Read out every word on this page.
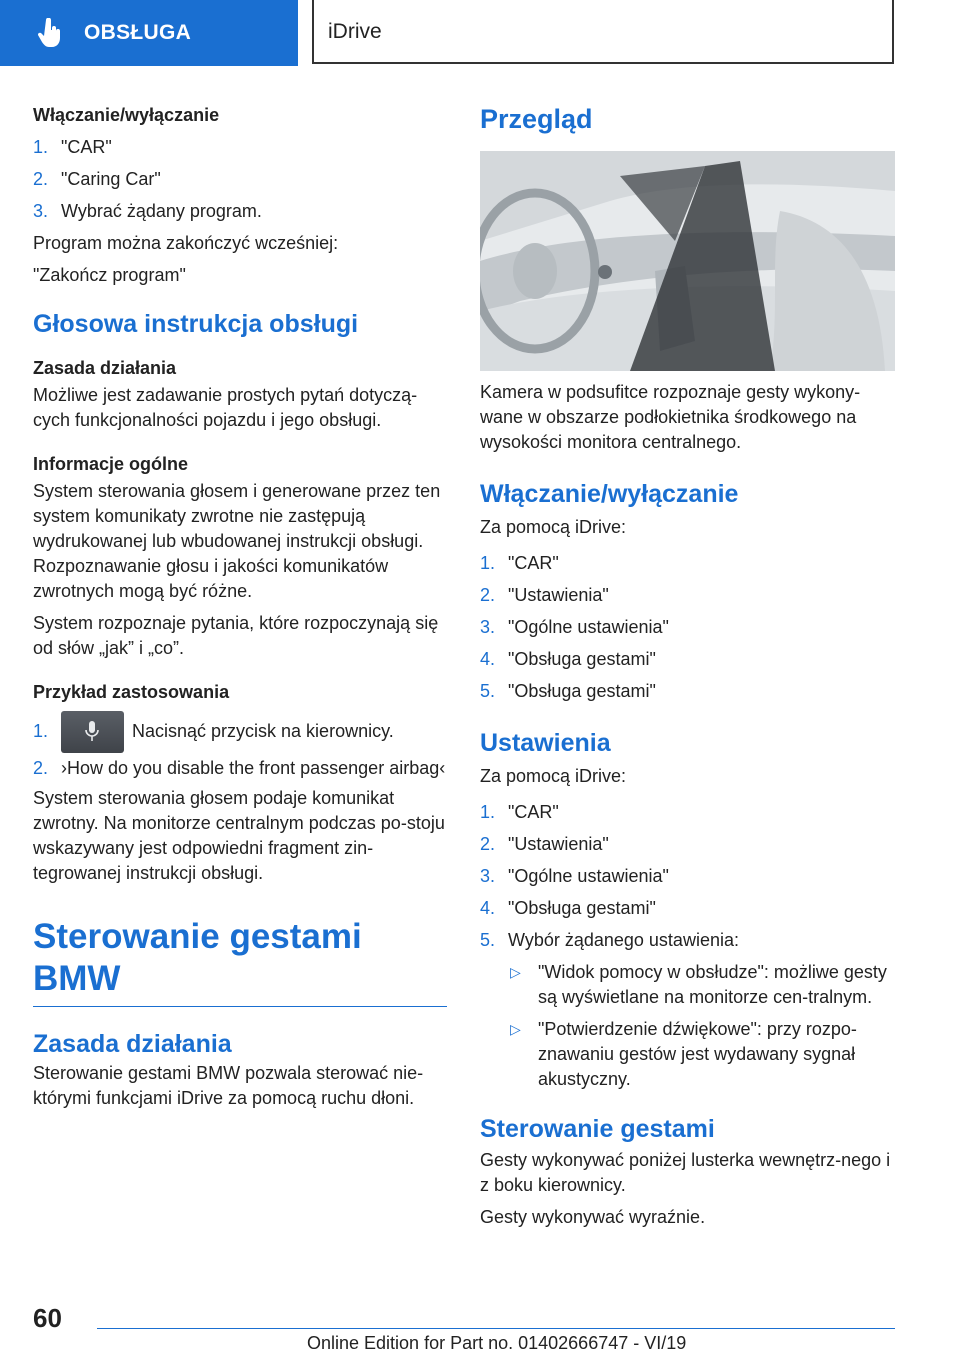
OBSŁUGA	iDrive

Włączanie/wyłączanie

1. "CAR"
2. "Caring Car"
3. Wybrać żądany program.

Program można zakończyć wcześniej:

"Zakończ program"

Głosowa instrukcja obsługi

Zasada działania

Możliwe jest zadawanie prostych pytań dotyczą-cych funkcjonalności pojazdu i jego obsługi.

Informacje ogólne

System sterowania głosem i generowane przez ten system komunikaty zwrotne nie zastępują wydrukowanej lub wbudowanej instrukcji obsługi. Rozpoznawanie głosu i jakości komunikatów zwrotnych mogą być różne.

System rozpoznaje pytania, które rozpoczynają się od słów „jak” i „co”.

Przykład zastosowania

1.	Nacisnąć przycisk na kierownicy.
2. ›How do you disable the front passenger airbag‹

System sterowania głosem podaje komunikat zwrotny. Na monitorze centralnym podczas po-stoju wskazywany jest odpowiedni fragment zin-tegrowanej instrukcji obsługi.

Sterowanie gestami BMW

Zasada działania

Sterowanie gestami BMW pozwala sterować nie-którymi funkcjami iDrive za pomocą ruchu dłoni.

Przegląd

Kamera w podsufitce rozpoznaje gesty wykony-wane w obszarze podłokietnika środkowego na wysokości monitora centralnego.

Włączanie/wyłączanie

Za pomocą iDrive:

1. "CAR"
2. "Ustawienia"
3. "Ogólne ustawienia"
4. "Obsługa gestami"
5. "Obsługa gestami"

Ustawienia

Za pomocą iDrive:

1. "CAR"
2. "Ustawienia"
3. "Ogólne ustawienia"
4. "Obsługa gestami"
5. Wybór żądanego ustawienia:
▷ "Widok pomocy w obsłudze": możliwe gesty są wyświetlane na monitorze cen-tralnym.
▷ "Potwierdzenie dźwiękowe": przy rozpo-znawaniu gestów jest wydawany sygnał akustyczny.

Sterowanie gestami

Gesty wykonywać poniżej lusterka wewnętrz-nego i z boku kierownicy.

Gesty wykonywać wyraźnie.

60
Online Edition for Part no. 01402666747 - VI/19
